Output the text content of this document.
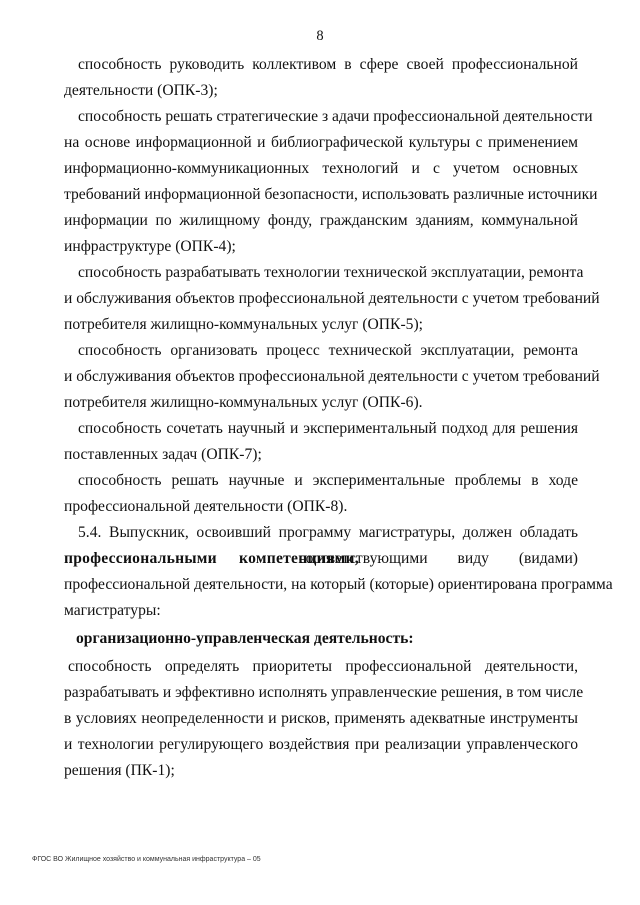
8
способность руководить коллективом в сфере своей профессиональной
деятельности (ОПК-3);
способность решать стратегические з адачи профессиональной деятельности
на основе информационной и библиографической культуры с применением
информационно-коммуникационных технологий и с учетом основных
требований информационной безопасности, использовать различные источники
информации по жилищному фонду, гражданским зданиям, коммунальной
инфраструктуре (ОПК-4);
способность разрабатывать технологии технической эксплуатации, ремонта
и обслуживания объектов профессиональной деятельности с учетом требований
потребителя жилищно-коммунальных услуг (ОПК-5);
способность организовать процесс технической эксплуатации, ремонта
и обслуживания объектов профессиональной деятельности с учетом требований
потребителя жилищно-коммунальных услуг (ОПК-6).
способность сочетать научный и экспериментальный подход для решения
поставленных задач (ОПК-7);
способность решать научные и экспериментальные проблемы в ходе
профессиональной деятельности (ОПК-8).
5.4. Выпускник, освоивший программу магистратуры, должен обладать
профессиональными компетенциями,
соответствующими виду (видами)
профессиональной деятельности, на который (которые) ориентирована программа
магистратуры:
организационно-управленческая деятельность:
способность определять приоритеты профессиональной деятельности,
разрабатывать и эффективно исполнять управленческие решения, в том числе
в условиях неопределенности и рисков, применять адекватные инструменты
и технологии регулирующего воздействия при реализации управленческого
решения (ПК-1);
ФГОС ВО Жилищное хозяйство и коммунальная инфраструктура – 05
